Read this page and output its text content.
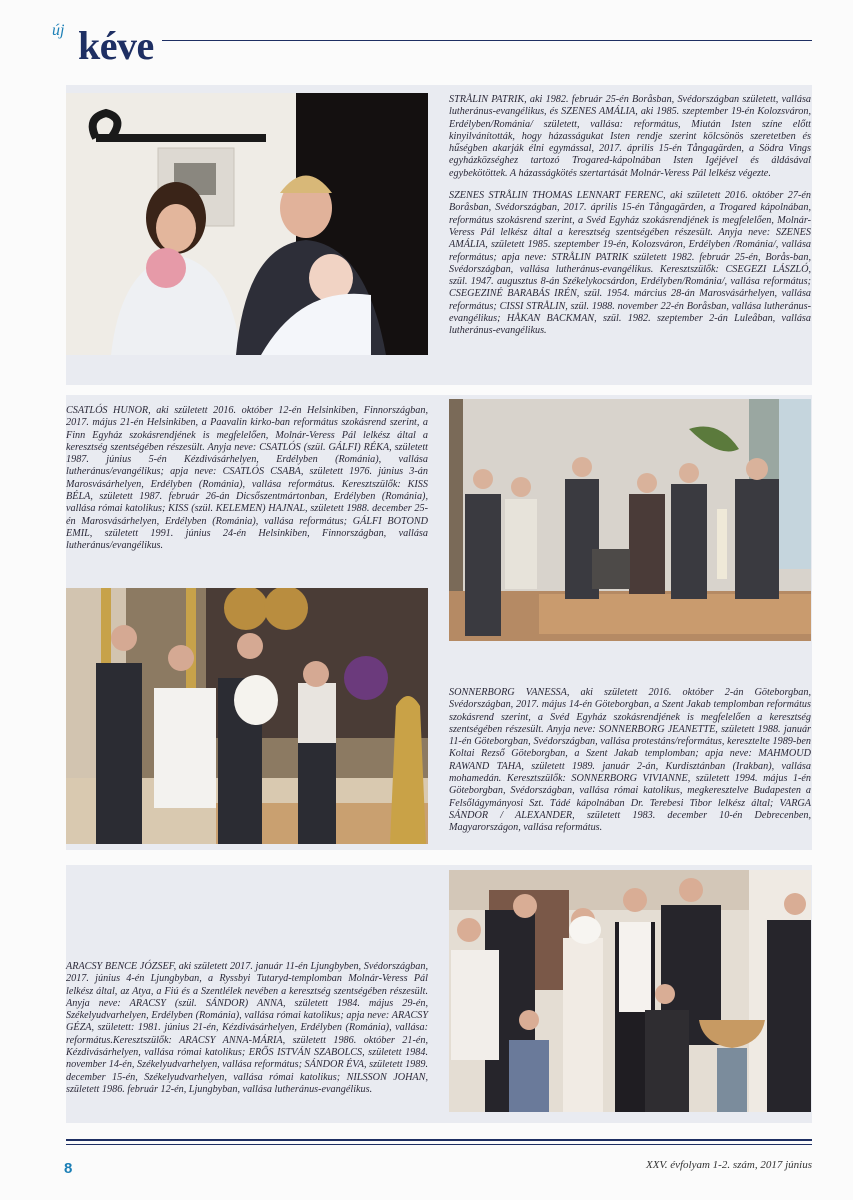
új kéve

STRÅLIN PATRIK, aki 1982. február 25-én Boråsban, Svédországban született, vallása lutheránus-evangélikus, és SZENES AMÁLIA, aki 1985. szeptember 19-én Kolozsváron, Erdélyben/Románia/ született, vallása: református, Miután Isten színe előtt kinyilvánították, hogy házasságukat Isten rendje szerint kölcsönös szeretetben és hűségben akarják élni egymással, 2017. április 15-én Tångagärden, a Södra Vings egyházközséghez tartozó Trogared-kápolnában Isten Igéjével és áldásával egybekötöttek. A házasságkötés szertartását Molnár-Veress Pál lelkész végezte.

SZENES STRÅLIN THOMAS LENNART FERENC, aki született 2016. október 27-én Boråsban, Svédországban, 2017. április 15-én Tångagärden, a Trogared kápolnában, református szokásrend szerint, a Svéd Egyház szokásrendjének is megfelelően, Molnár-Veress Pál lelkész által a keresztség szentségében részesült. Anyja neve: SZENES AMÁLIA, született 1985. szeptember 19-én, Kolozsváron, Erdélyben /Románia/, vallása református; apja neve: STRÅLIN PATRIK született 1982. február 25-én, Borås-ban, Svédországban, vallása lutheránus-evangélikus. Keresztszülők: CSEGEZI LÁSZLÓ, szül. 1947. augusztus 8-án Székelykocsárdon, Erdélyben/Románia/, vallása református; CSEGEZINÉ BARABÁS IRÉN, szül. 1954. március 28-án Marosvásárhelyen, vallása református; CISSI STRÅLIN, szül. 1988. november 22-én Boråsban, vallása lutheránus-evangélikus; HÅKAN BACKMAN, szül. 1982. szeptember 2-án Luleåban, vallása lutheránus-evangélikus.

CSATLÓS HUNOR, aki született 2016. október 12-én Helsinkiben, Finnországban, 2017. május 21-én Helsinkiben, a Paavalin kirko-ban református szokásrend szerint, a Finn Egyház szokásrendjének is megfelelően, Molnár-Veress Pál lelkész által a keresztség szentségében részesült. Anyja neve: CSATLÓS (szül. GÁLFI) RÉKA, született 1987. június 5-én Kézdivásárhelyen, Erdélyben (Románia), vallása lutheránus/evangélikus; apja neve: CSATLÓS CSABA, született 1976. június 3-án Marosvásárhelyen, Erdélyben (Románia), vallása református. Keresztszülők: KISS BÉLA, született 1987. február 26-án Dicsőszentmártonban, Erdélyben (Románia), vallása római katolikus; KISS (szül. KELEMEN) HAJNAL, született 1988. december 25-én Marosvásárhelyen, Erdélyben (Románia), vallása református; GÁLFI BOTOND EMIL, született 1991. június 24-én Helsinkiben, Finnországban, vallása lutheránus/evangélikus.

SONNERBORG VANESSA, aki született 2016. október 2-án Göteborgban, Svédországban, 2017. május 14-én Göteborgban, a Szent Jakab templomban református szokásrend szerint, a Svéd Egyház szokásrendjének is megfelelően a keresztség szentségében részesült. Anyja neve: SONNERBORG JEANETTE, született 1988. január 11-én Göteborgban, Svédországban, vallása protestáns/református, keresztelte 1989-ben Koltai Rezső Göteborgban, a Szent Jakab templomban; apja neve: MAHMOUD RAWAND TAHA, született 1989. január 2-án, Kurdisztánban (Irakban), vallása mohamedán. Keresztszülők: SONNERBORG VIVIANNE, született 1994. május 1-én Göteborgban, Svédországban, vallása római katolikus, megkeresztelve Budapesten a Felsőlágymányosi Szt. Tádé kápolnában Dr. Terebesi Tibor lelkész által; VARGA SÁNDOR / ALEXANDER, született 1983. december 10-én Debrecenben, Magyarországon, vallása református.

ARACSY BENCE JÓZSEF, aki született 2017. január 11-én Ljungbyben, Svédországban, 2017. június 4-én Ljungbyban, a Ryssbyi Tutaryd-templomban Molnár-Veress Pál lelkész által, az Atya, a Fiú és a Szentlélek nevében a keresztség szentségében részesült. Anyja neve: ARACSY (szül. SÁNDOR) ANNA, született 1984. május 29-én, Székelyudvarhelyen, Erdélyben (Románia), vallása római katolikus; apja neve: ARACSY GÉZA, született: 1981. június 21-én, Kézdivásárhelyen, Erdélyben (Románia), vallása: református.Keresztszülők: ARACSY ANNA-MÁRIA, született 1986. október 21-én, Kézdivásárhelyen, vallása római katolikus; ERŐS ISTVÁN SZABOLCS, született 1984. november 14-én, Székelyudvarhelyen, vallása református; SÁNDOR ÉVA, született 1989. december 15-én, Székelyudvarhelyen, vallása római katolikus; NILSSON JOHAN, született 1986. február 12-én, Ljungbyban, vallása lutheránus-evangélikus.

8	XXV. évfolyam 1-2. szám, 2017 június
